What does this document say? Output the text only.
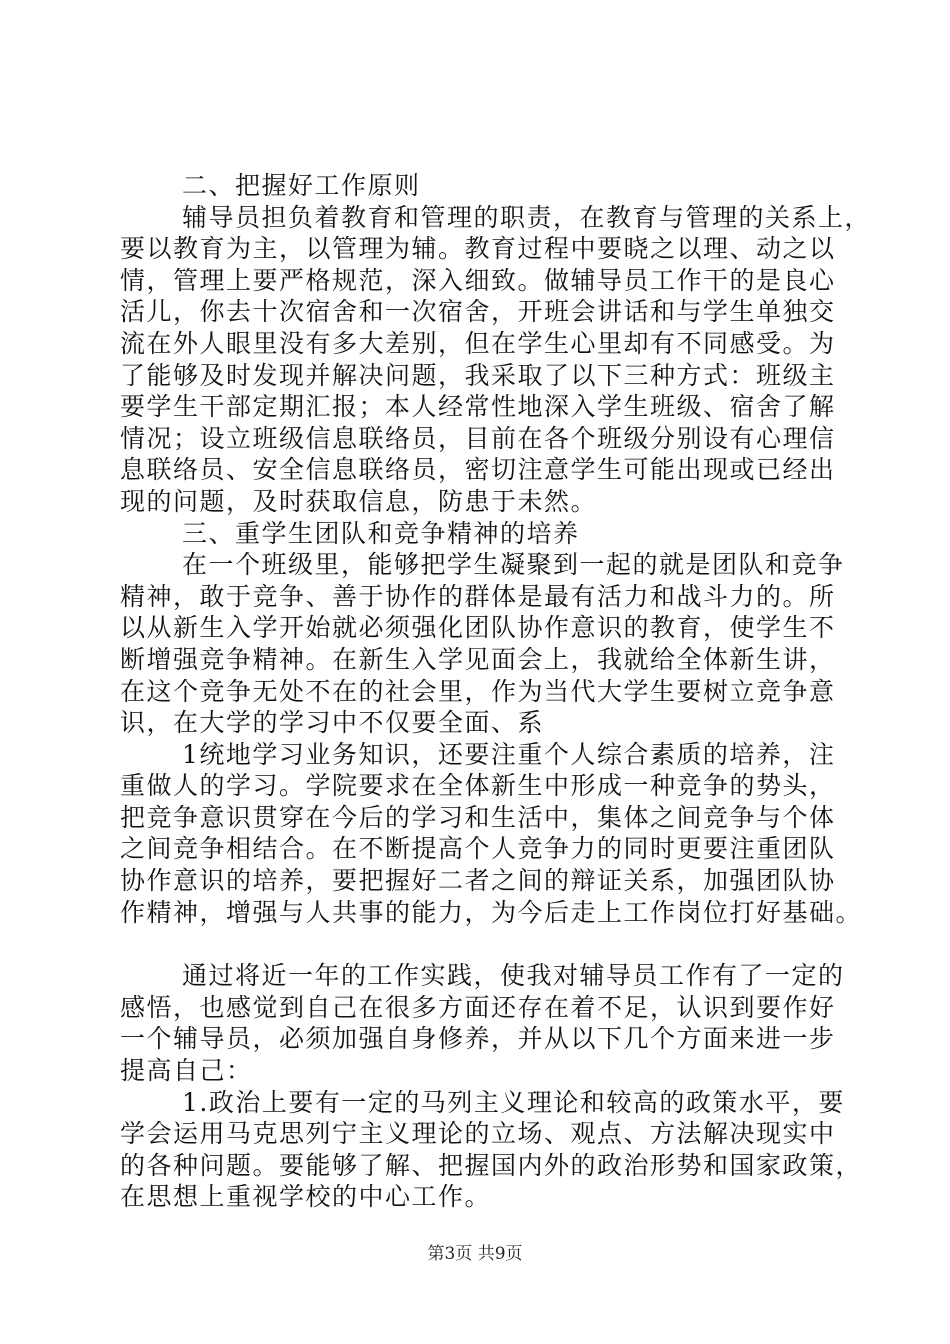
二、把握好工作原则
辅导员担负着教育和管理的职责，在教育与管理的关系上，
要以教育为主，以管理为辅。教育过程中要晓之以理、动之以
情，管理上要严格规范，深入细致。做辅导员工作干的是良心
活儿，你去十次宿舍和一次宿舍，开班会讲话和与学生单独交
流在外人眼里没有多大差别，但在学生心里却有不同感受。为
了能够及时发现并解决问题，我采取了以下三种方式：班级主
要学生干部定期汇报；本人经常性地深入学生班级、宿舍了解
情况；设立班级信息联络员，目前在各个班级分别设有心理信
息联络员、安全信息联络员，密切注意学生可能出现或已经出
现的问题，及时获取信息，防患于未然。
三、重学生团队和竞争精神的培养
在一个班级里，能够把学生凝聚到一起的就是团队和竞争
精神，敢于竞争、善于协作的群体是最有活力和战斗力的。所
以从新生入学开始就必须强化团队协作意识的教育，使学生不
断增强竞争精神。在新生入学见面会上，我就给全体新生讲，
在这个竞争无处不在的社会里，作为当代大学生要树立竞争意
识，在大学的学习中不仅要全面、系
1统地学习业务知识，还要注重个人综合素质的培养，注
重做人的学习。学院要求在全体新生中形成一种竞争的势头，
把竞争意识贯穿在今后的学习和生活中，集体之间竞争与个体
之间竞争相结合。在不断提高个人竞争力的同时更要注重团队
协作意识的培养，要把握好二者之间的辩证关系，加强团队协
作精神，增强与人共事的能力，为今后走上工作岗位打好基础。
通过将近一年的工作实践，使我对辅导员工作有了一定的
感悟，也感觉到自己在很多方面还存在着不足，认识到要作好
一个辅导员，必须加强自身修养，并从以下几个方面来进一步
提高自己：
1.政治上要有一定的马列主义理论和较高的政策水平，要
学会运用马克思列宁主义理论的立场、观点、方法解决现实中
的各种问题。要能够了解、把握国内外的政治形势和国家政策，
在思想上重视学校的中心工作。
第3页 共9页
